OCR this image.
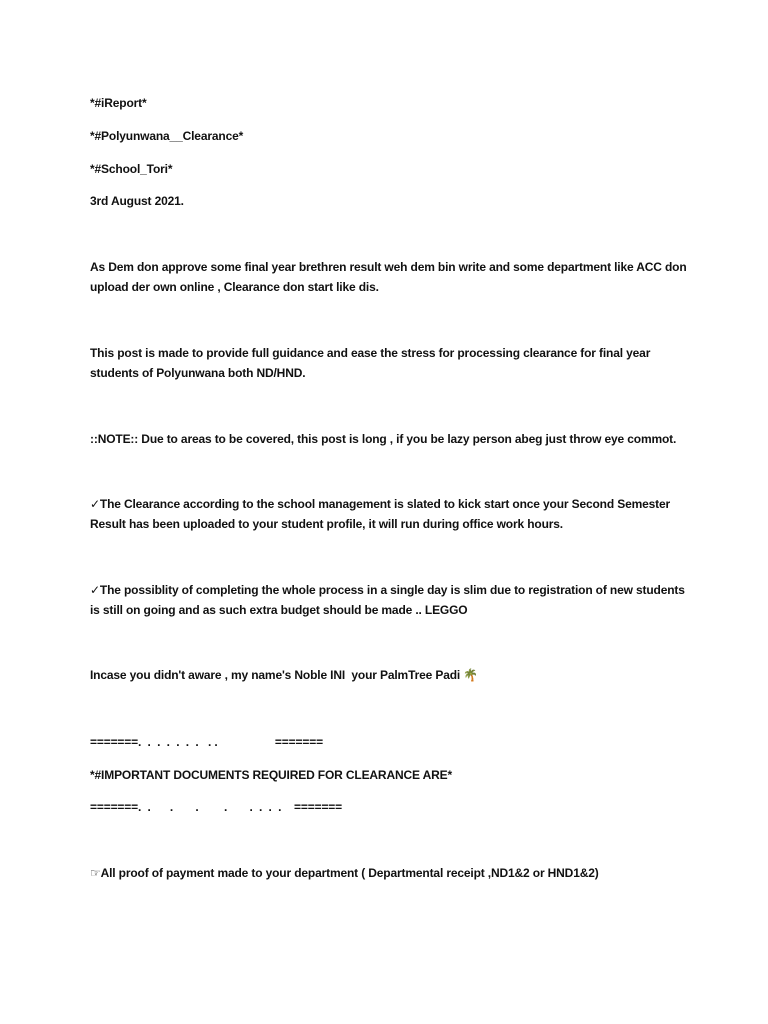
*#iReport*
*#Polyunwana__Clearance*
*#School_Tori*
3rd August 2021.
As Dem don approve some final year brethren result weh dem bin write and some department like ACC don upload der own online , Clearance don start like dis.
This post is made to provide full guidance and ease the stress for processing clearance for final year students of Polyunwana both ND/HND.
::NOTE:: Due to areas to be covered, this post is long , if you be lazy person abeg just throw eye commot.
✓The Clearance according to the school management is slated to kick start once your Second Semester Result has been uploaded to your student profile, it will run during office work hours.
✓The possiblity of completing the whole process in a single day is slim due to registration of new students is still on going and as such extra budget should be made .. LEGGO
Incase you didn't aware , my name's Noble INI  your PalmTree Padi 🌴
=======.  .  .  .  .  .  .   . .                  =======
*#IMPORTANT DOCUMENTS REQUIRED FOR CLEARANCE ARE*
=======.  .      .       .        .       .  .  .  .    =======
☞All proof of payment made to your department ( Departmental receipt ,ND1&2 or HND1&2)
